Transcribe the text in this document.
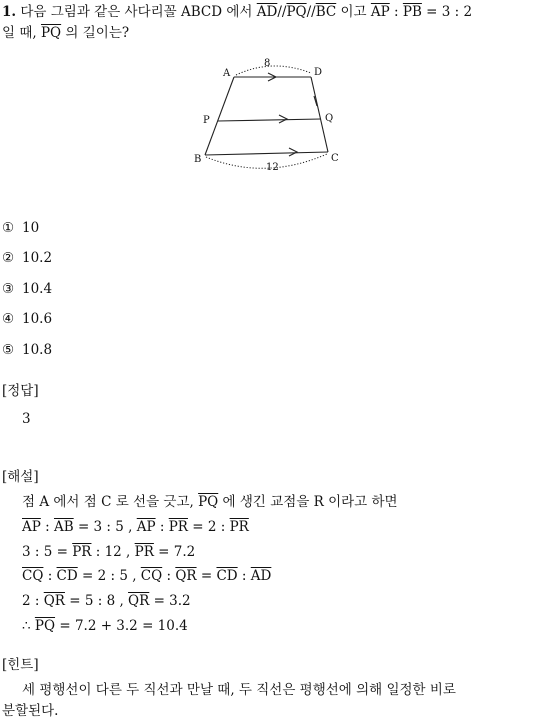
1. 다음 그림과 같은 사다리꼴 ABCD 에서 $\overline{AD}//\overline{PQ}//\overline{BC}$ 이고 $\overline{AP}$ : $\overline{PB} = 3$ : 2
일 때, $\overline{PQ}$ 의 길이는?
A	D
P	Q
B	C
8
12
① 10
② 10.2
③ 10.4
④ 10.6
⑤ 10.8
[정답]
3
[해설]
점 A 에서 점 C 로 선을 긋고, $\overline{PQ}$ 에 생긴 교점을 R 이라고 하면
$\overline{AP}$ : $\overline{AB} = 3$ : 5 , $\overline{AP}$ : $\overline{PR} = 2$ : $\overline{PR}$
3 : $5 = \overline{PR}$ : 12 , $\overline{PR} = 7.2$
$\overline{CQ}$ : $\overline{CD} = 2$ : 5 , $\overline{CQ}$ : $\overline{QR} = \overline{CD}$ : $\overline{AD}$
2 : $\overline{QR} = 5$ : 8 , $\overline{QR} = 3.2$
∴ $\overline{PQ} = 7.2 + 3.2 = 10.4$
[힌트]
세 평행선이 다른 두 직선과 만날 때, 두 직선은 평행선에 의해 일정한 비로
분할된다.
